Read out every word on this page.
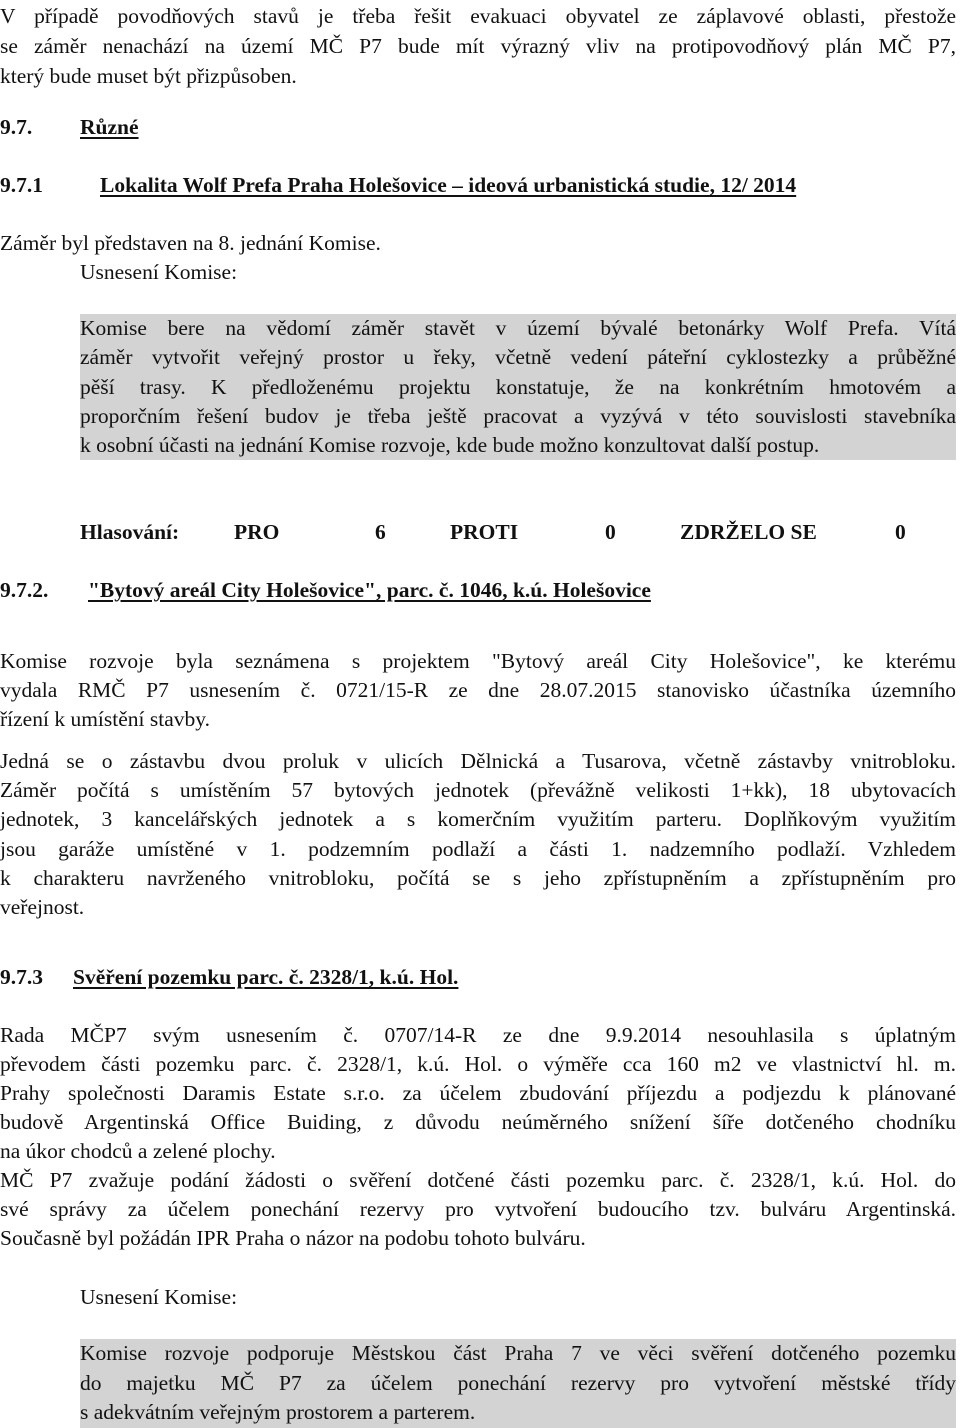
V případě povodňových stavů je třeba řešit evakuaci obyvatel ze záplavové oblasti, přestože
se záměr nenachází na území MČ P7 bude mít výrazný vliv na protipovodňový plán MČ P7,
který bude muset být přizpůsoben.
9.7. Různé
9.7.1	Lokalita Wolf Prefa Praha Holešovice – ideová urbanistická studie, 12/ 2014
Záměr byl představen na 8. jednání Komise.
Usnesení Komise:
Komise bere na vědomí záměr stavět v území bývalé betonárky Wolf Prefa. Vítá
záměr vytvořit veřejný prostor u řeky, včetně vedení páteřní cyklostezky a průběžné
pěší trasy. K předloženému projektu konstatuje, že na konkrétním hmotovém a
proporčním řešení budov je třeba ještě pracovat a vyzývá v této souvislosti stavebníka
k osobní účasti na jednání Komise rozvoje, kde bude možno konzultovat další postup.
Hlasování:	PRO	6	PROTI	0	ZDRŽELO SE	0
9.7.2. "Bytový areál City Holešovice", parc. č. 1046, k.ú. Holešovice
Komise rozvoje byla seznámena s projektem "Bytový areál City Holešovice", ke kterému
vydala RMČ P7 usnesením č. 0721/15-R ze dne 28.07.2015 stanovisko účastníka územního
řízení k umístění stavby.
Jedná se o zástavbu dvou proluk v ulicích Dělnická a Tusarova, včetně zástavby vnitrobloku.
Záměr počítá s umístěním 57 bytových jednotek (převážně velikosti 1+kk), 18 ubytovacích
jednotek, 3 kancelářských jednotek a s komerčním využitím parteru. Doplňkovým využitím
jsou garáže umístěné v 1. podzemním podlaží a části 1. nadzemního podlaží. Vzhledem
k charakteru navrženého vnitrobloku, počítá se s jeho zpřístupněním a zpřístupněním pro
veřejnost.
9.7.3 Svěření pozemku parc. č. 2328/1, k.ú. Hol.
Rada MČP7 svým usnesením č. 0707/14-R ze dne 9.9.2014 nesouhlasila s úplatným
převodem části pozemku parc. č. 2328/1, k.ú. Hol. o výměře cca 160 m2 ve vlastnictví hl. m.
Prahy společnosti Daramis Estate s.r.o. za účelem zbudování příjezdu a podjezdu k plánované
budově Argentinská Office Buiding, z důvodu neúměrného snížení šíře dotčeného chodníku
na úkor chodců a zelené plochy.
MČ P7 zvažuje podání žádosti o svěření dotčené části pozemku parc. č. 2328/1, k.ú. Hol. do
své správy za účelem ponechání rezervy pro vytvoření budoucího tzv. bulváru Argentinská.
Současně byl požádán IPR Praha o názor na podobu tohoto bulváru.
Usnesení Komise:
Komise rozvoje podporuje Městskou část Praha 7 ve věci svěření dotčeného pozemku
do majetku MČ P7 za účelem ponechání rezervy pro vytvoření městské třídy
s adekvátním veřejným prostorem a parterem.
